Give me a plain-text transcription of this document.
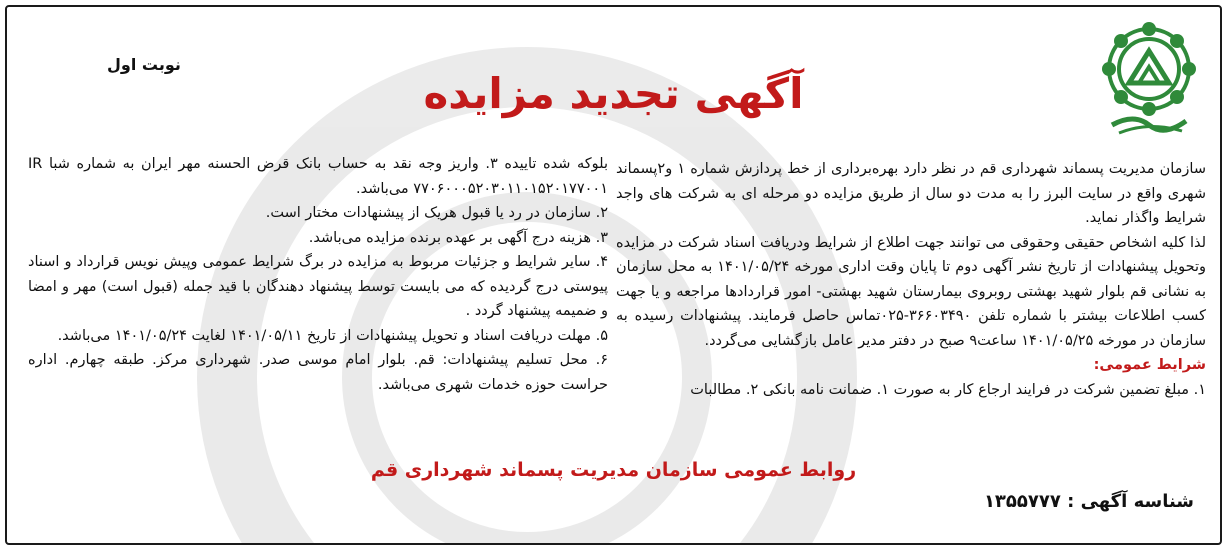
نوبت اول
آگهی تجدید مزایده

سازمان مدیریت پسماند شهرداری قم در نظر دارد بهره‌برداری از خط پردازش شماره ۱ و۲پسماند شهری واقع در سایت البرز را به مدت دو سال از طریق مزایده دو مرحله ای به شرکت های واجد شرایط واگذار نماید.

لذا کلیه اشخاص حقیقی وحقوقی می توانند جهت اطلاع از شرایط ودریافت اسناد شرکت در مزایده وتحویل پیشنهادات از تاریخ نشر آگهی دوم تا پایان وقت اداری مورخه ۱۴۰۱/۰۵/۲۴ به محل سازمان به نشانی قم بلوار شهید بهشتی روبروی بیمارستان شهید بهشتی- امور قراردادها مراجعه و یا جهت کسب اطلاعات بیشتر با شماره تلفن ۳۶۶۰۳۴۹۰-۰۲۵تماس حاصل فرمایند. پیشنهادات رسیده به سازمان در مورخه ۱۴۰۱/۰۵/۲۵ ساعت۹ صبح در دفتر مدیر عامل بازگشایی می‌گردد.

شرایط عمومی:

۱. مبلغ تضمین شرکت در فرایند ارجاع کار به صورت ۱. ضمانت نامه بانکی ۲. مطالبات

بلوکه شده تاییده ۳. واریز وجه نقد به حساب بانک قرض الحسنه مهر ایران به شماره شبا IR ۷۷۰۶۰۰۰۵۲۰۳۰۱۱۰۱۵۲۰۱۷۷۰۰۱ می‌باشد.

۲. سازمان در رد یا قبول هریک از پیشنهادات مختار است.

۳. هزینه درج آگهی بر عهده برنده مزایده می‌باشد.

۴. سایر شرایط و جزئیات مربوط به مزایده در برگ شرایط عمومی وپیش نویس قرارداد و اسناد پیوستی درج گردیده که می بایست توسط پیشنهاد دهندگان با قید جمله (قبول است) مهر و امضا و ضمیمه پیشنهاد گردد .

۵. مهلت دریافت اسناد و تحویل پیشنهادات از تاریخ ۱۴۰۱/۰۵/۱۱ لغایت ۱۴۰۱/۰۵/۲۴ می‌باشد.

۶. محل تسلیم پیشنهادات: قم. بلوار امام موسی صدر. شهرداری مرکز. طبقه چهارم. اداره حراست حوزه خدمات شهری می‌باشد.

روابط عمومی سازمان مدیریت پسماند شهرداری قم
شناسه آگهی : ۱۳۵۵۷۷۷
